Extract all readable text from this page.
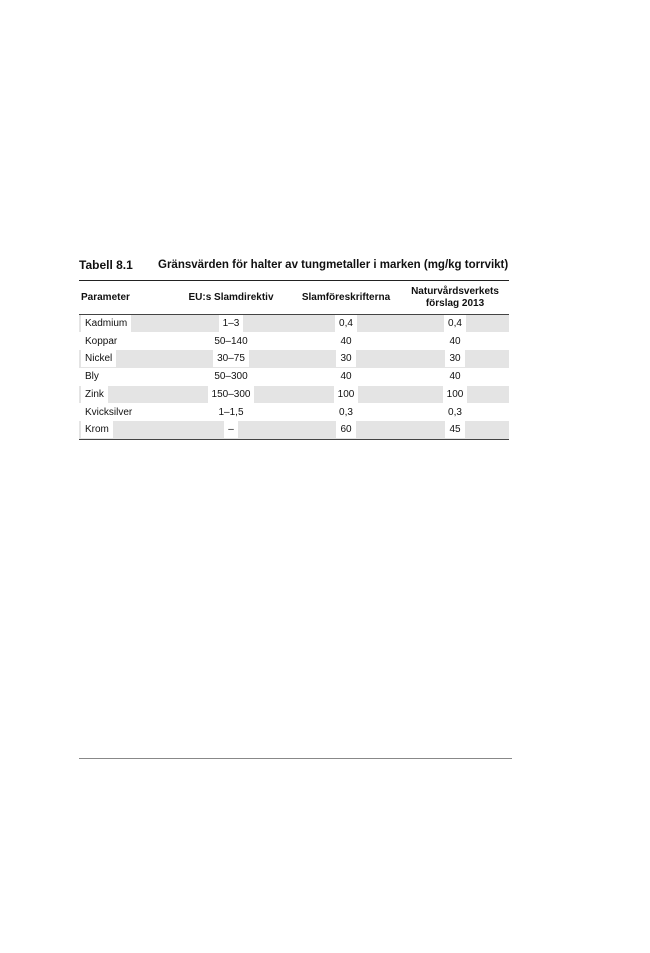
Tabell 8.1 Gränsvärden för halter av tungmetaller i marken (mg/kg torrvikt)
Parameter	EU:s Slamdirektiv	Slamföreskrifterna	Naturvårdsverkets förslag 2013
Kadmium	1–3	0,4	0,4
Koppar	50–140	40	40
Nickel	30–75	30	30
Bly	50–300	40	40
Zink	150–300	100	100
Kvicksilver	1–1,5	0,3	0,3
Krom	–	60	45
